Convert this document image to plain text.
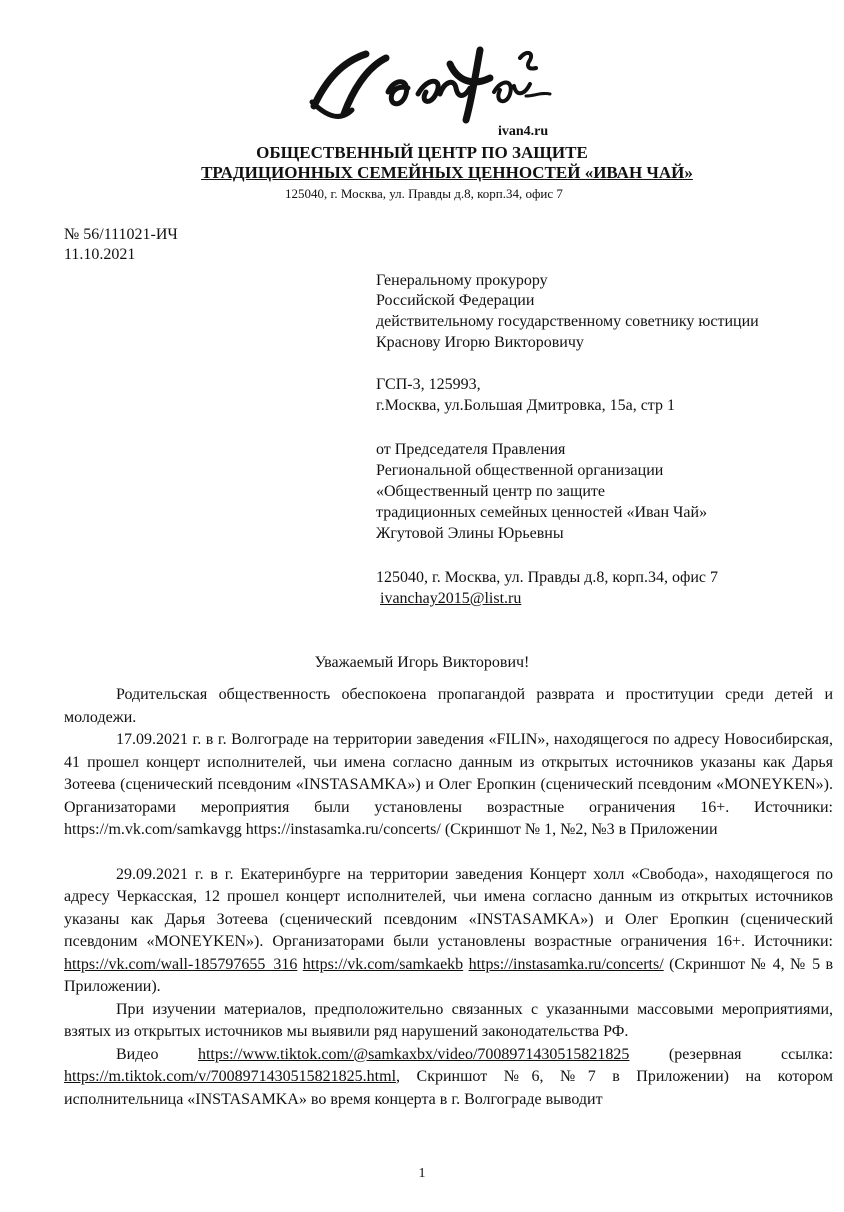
ivan4.ru
ОБЩЕСТВЕННЫЙ ЦЕНТР ПО ЗАЩИТЕ
ТРАДИЦИОННЫХ СЕМЕЙНЫХ ЦЕННОСТЕЙ «ИВАН ЧАЙ»
125040, г. Москва, ул. Правды д.8, корп.34, офис 7
№ 56/111021-ИЧ
11.10.2021
Генеральному прокурору
Российской Федерации
действительному государственному советнику юстиции
Краснову Игорю Викторовичу
ГСП-3, 125993,
г.Москва, ул.Большая Дмитровка, 15а, стр 1
от Председателя Правления
Региональной общественной организации
«Общественный центр по защите
традиционных семейных ценностей «Иван Чай»
Жгутовой Элины Юрьевны
125040, г. Москва, ул. Правды д.8, корп.34, офис 7
ivanchay2015@list.ru
Уважаемый Игорь Викторович!

Родительская общественность обеспокоена пропагандой разврата и проституции среди детей и молодежи.

17.09.2021 г. в г. Волгограде на территории заведения «FILIN», находящегося по адресу Новосибирская, 41 прошел концерт исполнителей, чьи имена согласно данным из открытых источников указаны как Дарья Зотеева (сценический псевдоним «INSTASAMKA») и Олег Еропкин (сценический псевдоним «MONEYKEN»). Организаторами мероприятия были установлены возрастные ограничения 16+. Источники: https://m.vk.com/samkavgg https://instasamka.ru/concerts/ (Скриншот № 1, №2, №3 в Приложении

29.09.2021 г. в г. Екатеринбурге на территории заведения Концерт холл «Свобода», находящегося по адресу Черкасская, 12 прошел концерт исполнителей, чьи имена согласно данным из открытых источников указаны как Дарья Зотеева (сценический псевдоним «INSTASAMKA») и Олег Еропкин (сценический псевдоним «MONEYKEN»). Организаторами были установлены возрастные ограничения 16+. Источники: https://vk.com/wall-185797655_316 https://vk.com/samkaekb https://instasamka.ru/concerts/ (Скриншот № 4, № 5 в Приложении).

При изучении материалов, предположительно связанных с указанными массовыми мероприятиями, взятых из открытых источников мы выявили ряд нарушений законодательства РФ.

Видео https://www.tiktok.com/@samkaxbx/video/7008971430515821825 (резервная ссылка: https://m.tiktok.com/v/7008971430515821825.html, Скриншот №6, №7 в Приложении) на котором исполнительница «INSTASAMKA» во время концерта в г. Волгограде выводит

1
